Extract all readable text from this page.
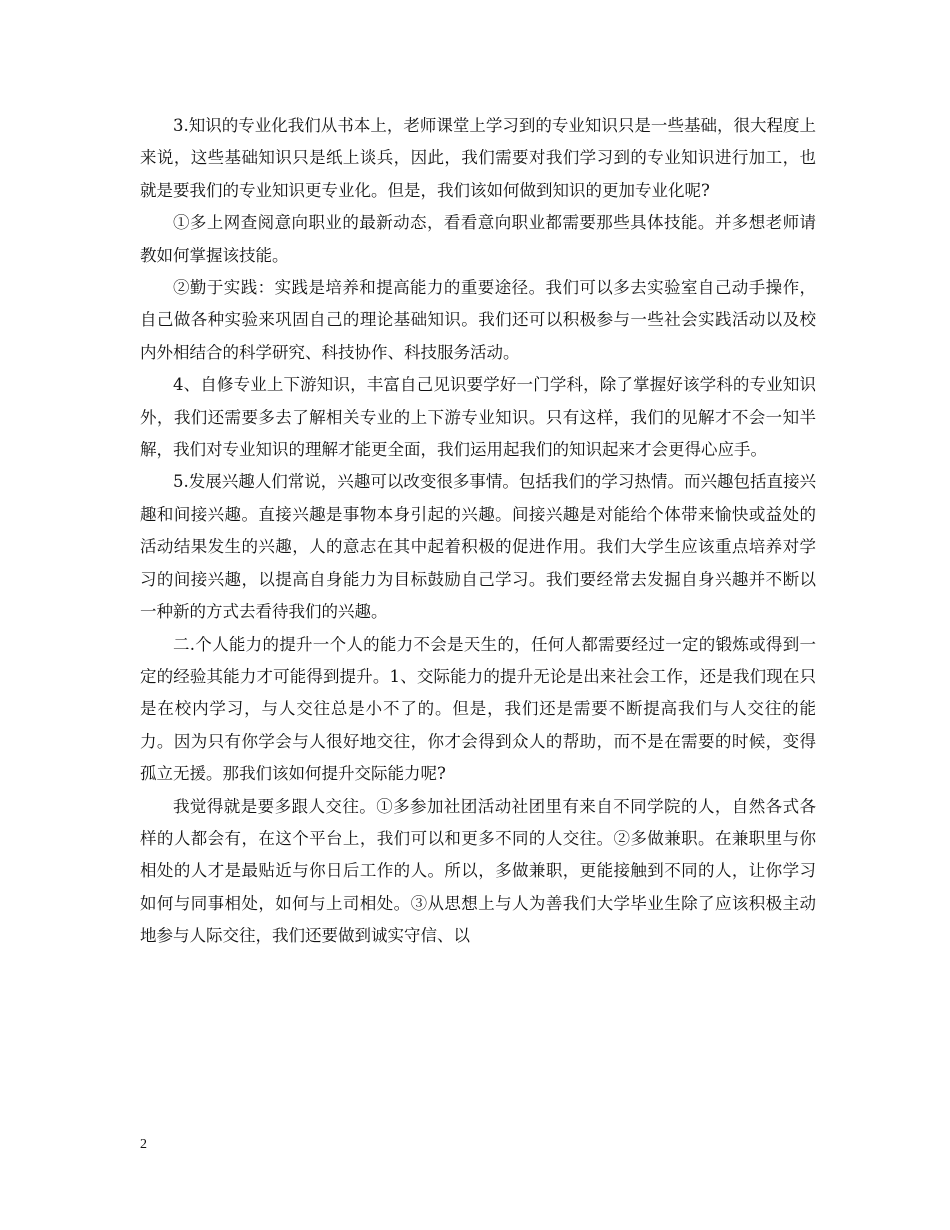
3.知识的专业化我们从书本上，老师课堂上学习到的专业知识只是一些基础，很大程度上来说，这些基础知识只是纸上谈兵，因此，我们需要对我们学习到的专业知识进行加工，也就是要我们的专业知识更专业化。但是，我们该如何做到知识的更加专业化呢?

①多上网查阅意向职业的最新动态，看看意向职业都需要那些具体技能。并多想老师请教如何掌握该技能。

②勤于实践：实践是培养和提高能力的重要途径。我们可以多去实验室自己动手操作，自己做各种实验来巩固自己的理论基础知识。我们还可以积极参与一些社会实践活动以及校内外相结合的科学研究、科技协作、科技服务活动。

4、自修专业上下游知识，丰富自己见识要学好一门学科，除了掌握好该学科的专业知识外，我们还需要多去了解相关专业的上下游专业知识。只有这样，我们的见解才不会一知半解，我们对专业知识的理解才能更全面，我们运用起我们的知识起来才会更得心应手。

5.发展兴趣人们常说，兴趣可以改变很多事情。包括我们的学习热情。而兴趣包括直接兴趣和间接兴趣。直接兴趣是事物本身引起的兴趣。间接兴趣是对能给个体带来愉快或益处的活动结果发生的兴趣，人的意志在其中起着积极的促进作用。我们大学生应该重点培养对学习的间接兴趣，以提高自身能力为目标鼓励自己学习。我们要经常去发掘自身兴趣并不断以一种新的方式去看待我们的兴趣。

二.个人能力的提升一个人的能力不会是天生的，任何人都需要经过一定的锻炼或得到一定的经验其能力才可能得到提升。1、交际能力的提升无论是出来社会工作，还是我们现在只是在校内学习，与人交往总是小不了的。但是，我们还是需要不断提高我们与人交往的能力。因为只有你学会与人很好地交往，你才会得到众人的帮助，而不是在需要的时候，变得孤立无援。那我们该如何提升交际能力呢?

我觉得就是要多跟人交往。①多参加社团活动社团里有来自不同学院的人，自然各式各样的人都会有，在这个平台上，我们可以和更多不同的人交往。②多做兼职。在兼职里与你相处的人才是最贴近与你日后工作的人。所以，多做兼职，更能接触到不同的人，让你学习如何与同事相处，如何与上司相处。③从思想上与人为善我们大学毕业生除了应该积极主动地参与人际交往，我们还要做到诚实守信、以

2
